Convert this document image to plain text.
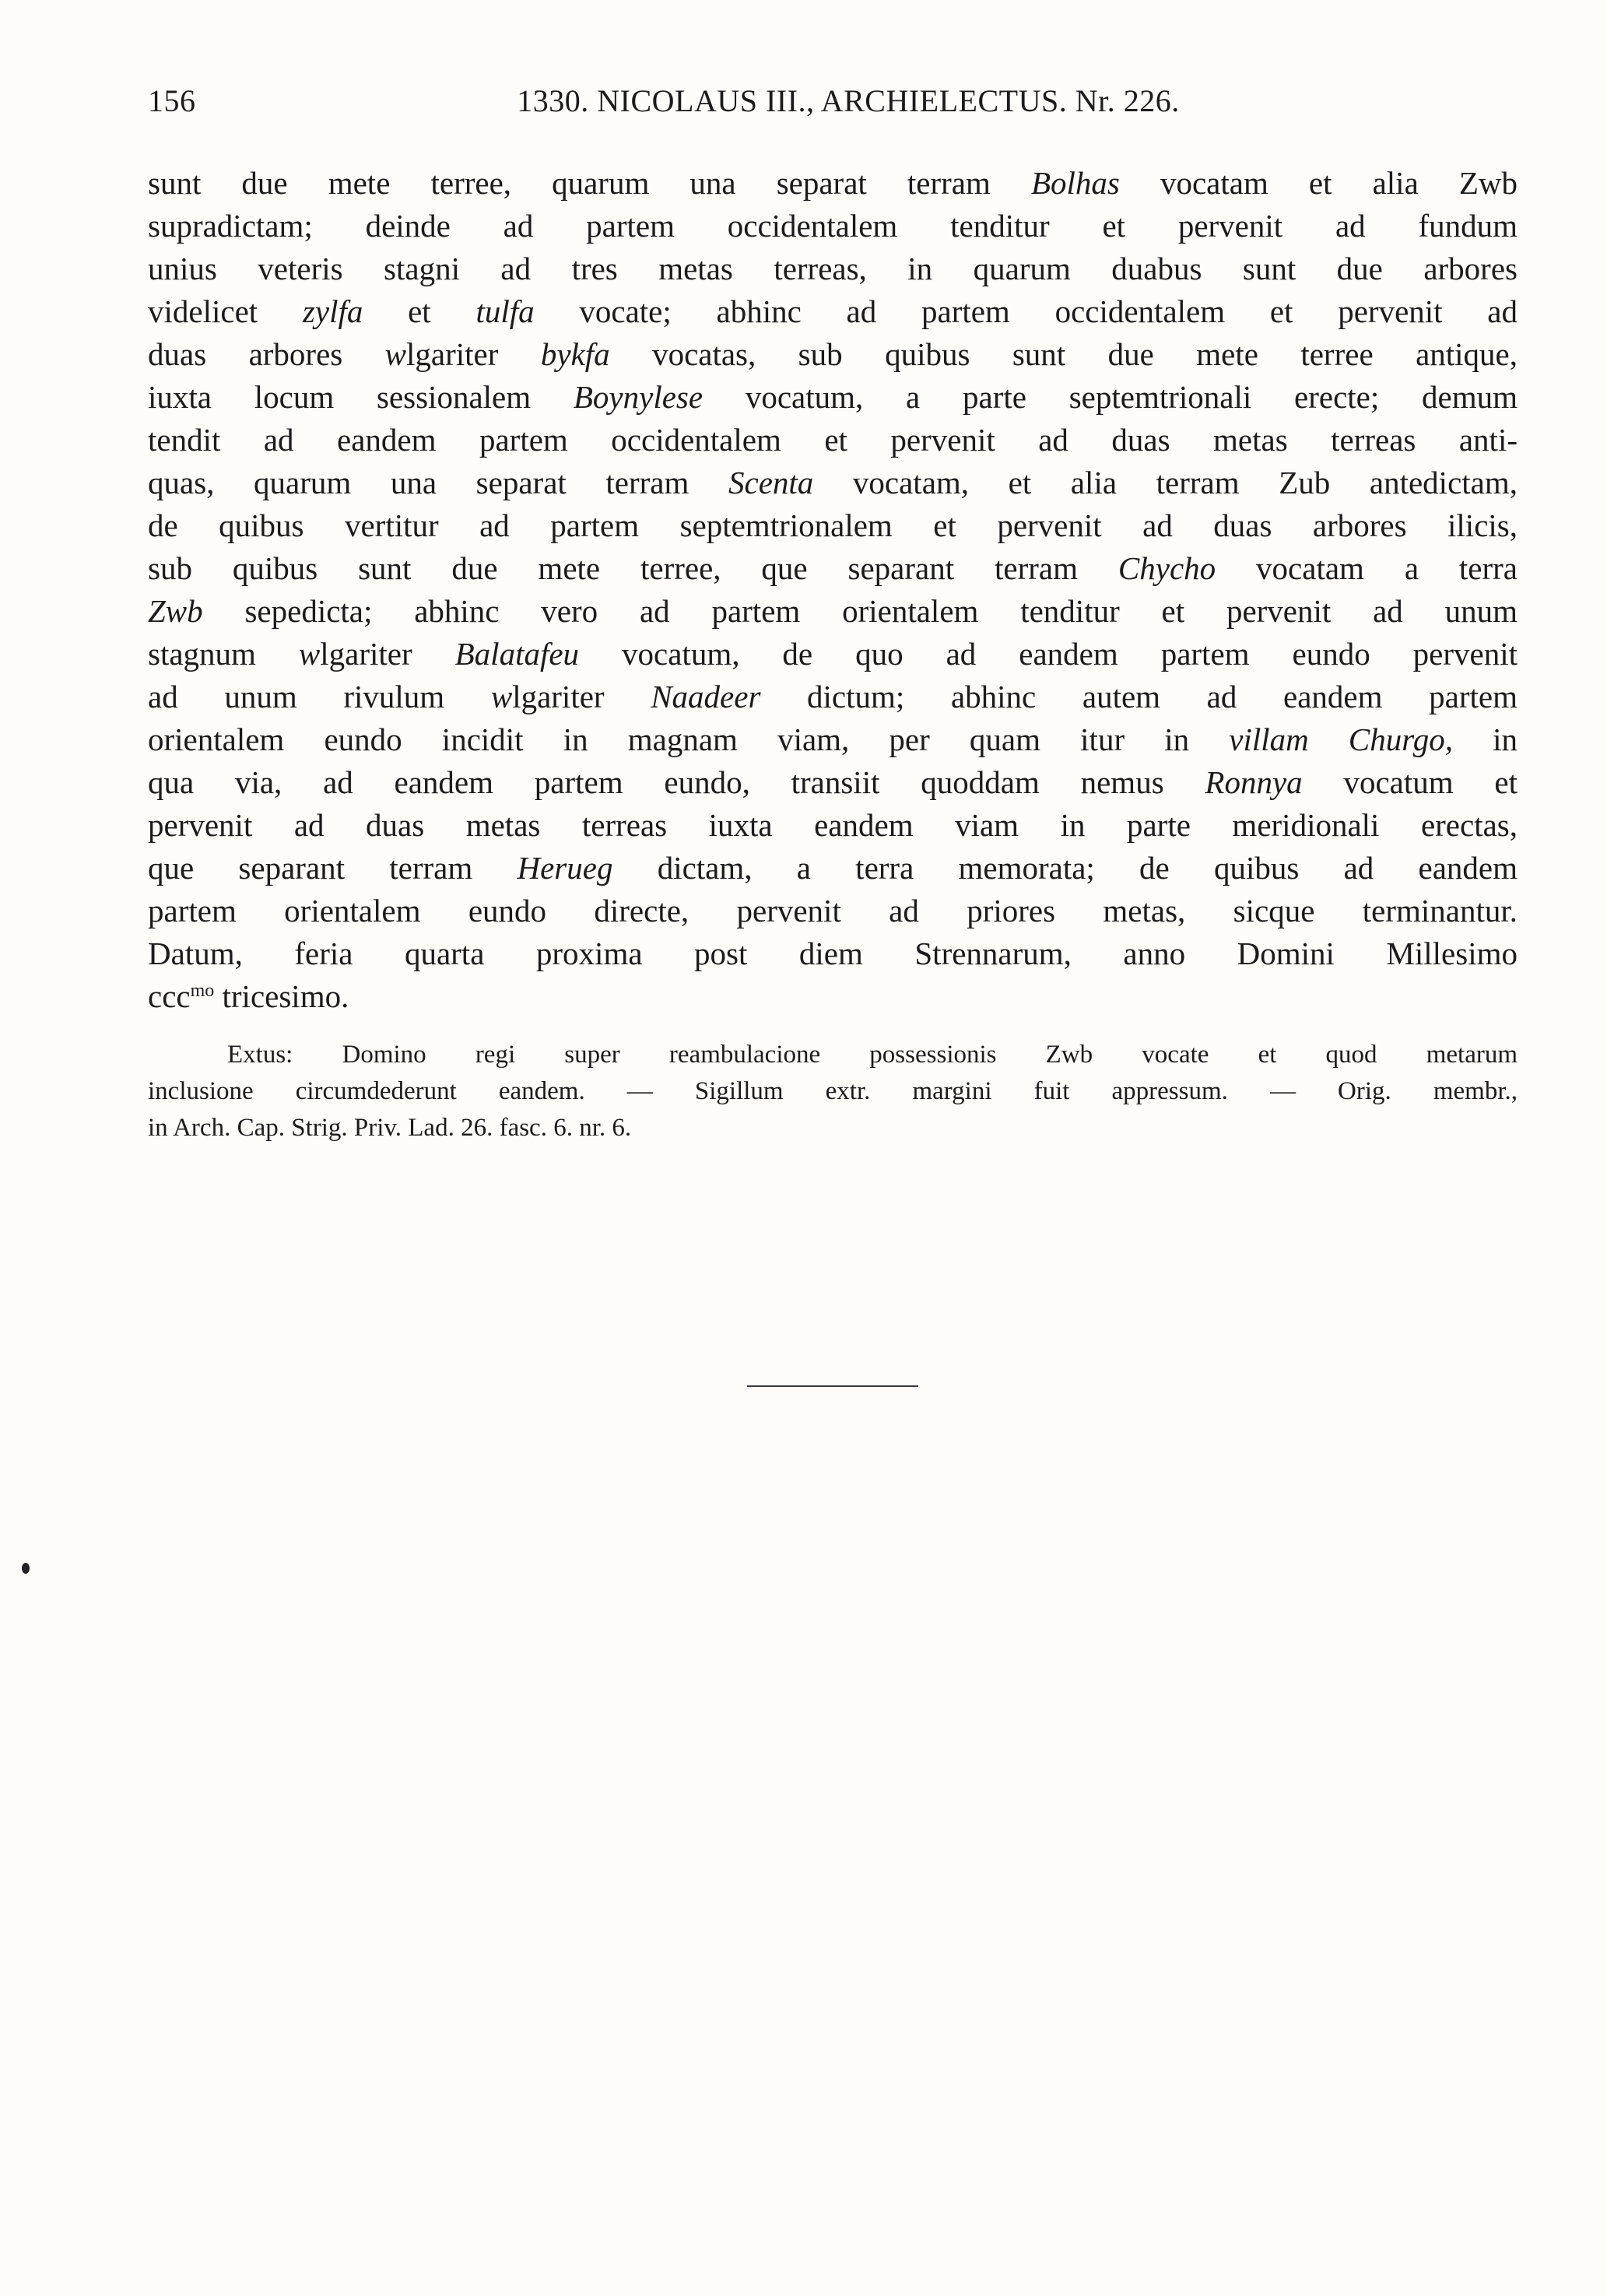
156	1330. NICOLAUS III., ARCHIELECTUS. Nr. 226.
sunt due mete terree, quarum una separat terram Bolhas vocatam et alia Zwb
supradictam; deinde ad partem occidentalem tenditur et pervenit ad fundum
unius veteris stagni ad tres metas terreas, in quarum duabus sunt due arbores
videlicet zylfa et tulfa vocate; abhinc ad partem occidentalem et pervenit ad
duas arbores wlgariter bykfa vocatas, sub quibus sunt due mete terree antique,
iuxta locum sessionalem Boynylese vocatum, a parte septemtrionali erecte; demum
tendit ad eandem partem occidentalem et pervenit ad duas metas terreas anti-
quas, quarum una separat terram Scenta vocatam, et alia terram Zub antedictam,
de quibus vertitur ad partem septemtrionalem et pervenit ad duas arbores ilicis,
sub quibus sunt due mete terree, que separant terram Chycho vocatam a terra
Zwb sepedicta; abhinc vero ad partem orientalem tenditur et pervenit ad unum
stagnum wlgariter Balatafeu vocatum, de quo ad eandem partem eundo pervenit
ad unum rivulum wlgariter Naadeer dictum; abhinc autem ad eandem partem
orientalem eundo incidit in magnam viam, per quam itur in villam Churgo, in
qua via, ad eandem partem eundo, transiit quoddam nemus Ronnya vocatum et
pervenit ad duas metas terreas iuxta eandem viam in parte meridionali erectas,
que separant terram Herueg dictam, a terra memorata; de quibus ad eandem
partem orientalem eundo directe, pervenit ad priores metas, sicque terminantur.
Datum, feria quarta proxima post diem Strennarum, anno Domini Millesimo
ccc$^{mo}$ tricesimo.
Extus: Domino regi super reambulacione possessionis Zwb vocate et quod metarum
inclusione circumdederunt eandem. — Sigillum extr. margini fuit appressum. — Orig. membr.,
in Arch. Cap. Strig. Priv. Lad. 26. fasc. 6. nr. 6.
